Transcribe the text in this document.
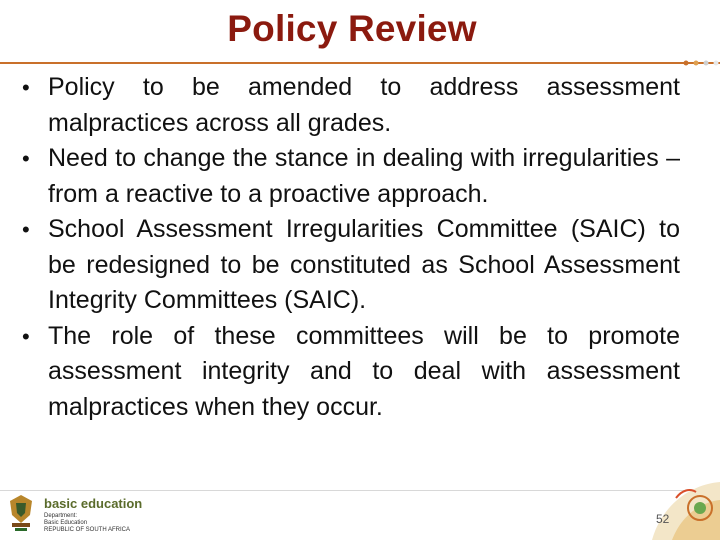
Policy Review
• Policy to be amended to address assessment malpractices across all grades.
• Need to change the stance in dealing with irregularities – from a reactive to a proactive approach.
• School Assessment Irregularities Committee (SAIC) to be redesigned to be constituted as School Assessment Integrity Committees (SAIC).
• The role of these committees will be to promote assessment integrity and to deal with assessment malpractices when they occur.
basic education
Department:
Basic Education
REPUBLIC OF SOUTH AFRICA
52
